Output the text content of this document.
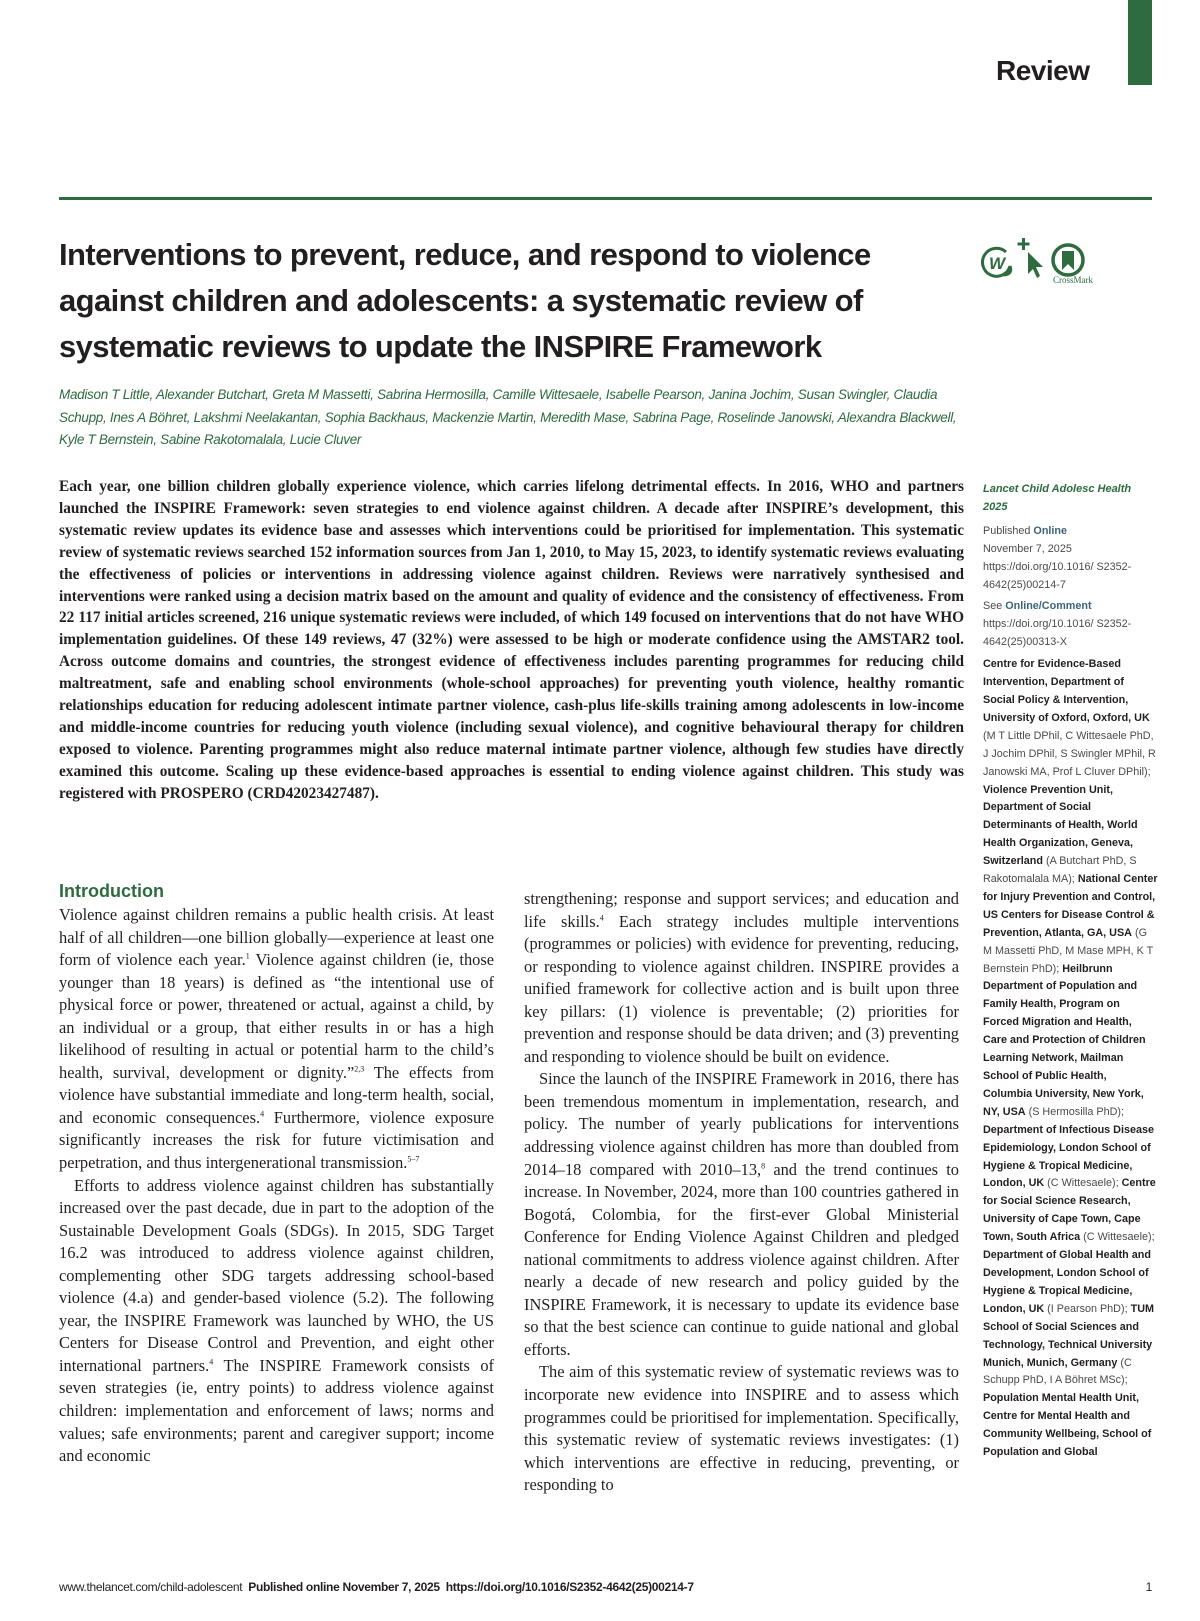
Review
Interventions to prevent, reduce, and respond to violence against children and adolescents: a systematic review of systematic reviews to update the INSPIRE Framework
W
CrossMark
Madison T Little, Alexander Butchart, Greta M Massetti, Sabrina Hermosilla, Camille Wittesaele, Isabelle Pearson, Janina Jochim, Susan Swingler, Claudia Schupp, Ines A Böhret, Lakshmi Neelakantan, Sophia Backhaus, Mackenzie Martin, Meredith Mase, Sabrina Page, Roselinde Janowski, Alexandra Blackwell, Kyle T Bernstein, Sabine Rakotomalala, Lucie Cluver
Each year, one billion children globally experience violence, which carries lifelong detrimental effects. In 2016, WHO and partners launched the INSPIRE Framework: seven strategies to end violence against children. A decade after INSPIRE’s development, this systematic review updates its evidence base and assesses which interventions could be prioritised for implementation. This systematic review of systematic reviews searched 152 information sources from Jan 1, 2010, to May 15, 2023, to identify systematic reviews evaluating the effectiveness of policies or interventions in addressing violence against children. Reviews were narratively synthesised and interventions were ranked using a decision matrix based on the amount and quality of evidence and the consistency of effectiveness. From 22 117 initial articles screened, 216 unique systematic reviews were included, of which 149 focused on interventions that do not have WHO implementation guidelines. Of these 149 reviews, 47 (32%) were assessed to be high or moderate confidence using the AMSTAR2 tool. Across outcome domains and countries, the strongest evidence of effectiveness includes parenting programmes for reducing child maltreatment, safe and enabling school environments (whole-school approaches) for preventing youth violence, healthy romantic relationships education for reducing adolescent intimate partner violence, cash-plus life-skills training among adolescents in low-income and middle-income countries for reducing youth violence (including sexual violence), and cognitive behavioural therapy for children exposed to violence. Parenting programmes might also reduce maternal intimate partner violence, although few studies have directly examined this outcome. Scaling up these evidence-based approaches is essential to ending violence against children. This study was registered with PROSPERO (CRD42023427487).
Lancet Child Adolesc Health 2025
Published Online
November 7, 2025
https://doi.org/10.1016/ S2352-4642(25)00214-7
See Online/Comment
https://doi.org/10.1016/ S2352-4642(25)00313-X
Centre for Evidence-Based Intervention, Department of Social Policy & Intervention, University of Oxford, Oxford, UK (M T Little DPhil, C Wittesaele PhD, J Jochim DPhil, S Swingler MPhil, R Janowski MA, Prof L Cluver DPhil); Violence Prevention Unit, Department of Social Determinants of Health, World Health Organization, Geneva, Switzerland (A Butchart PhD, S Rakotomalala MA); National Center for Injury Prevention and Control, US Centers for Disease Control & Prevention, Atlanta, GA, USA (G M Massetti PhD, M Mase MPH, K T Bernstein PhD); Heilbrunn Department of Population and Family Health, Program on Forced Migration and Health, Care and Protection of Children Learning Network, Mailman School of Public Health, Columbia University, New York, NY, USA (S Hermosilla PhD); Department of Infectious Disease Epidemiology, London School of Hygiene & Tropical Medicine, London, UK (C Wittesaele); Centre for Social Science Research, University of Cape Town, Cape Town, South Africa (C Wittesaele); Department of Global Health and Development, London School of Hygiene & Tropical Medicine, London, UK (I Pearson PhD); TUM School of Social Sciences and Technology, Technical University Munich, Munich, Germany (C Schupp PhD, I A Böhret MSc); Population Mental Health Unit, Centre for Mental Health and Community Wellbeing, School of Population and Global
Introduction

Violence against children remains a public health crisis. At least half of all children—one billion globally—experience at least one form of violence each year.$^1$ Violence against children (ie, those younger than 18 years) is defined as “the intentional use of physical force or power, threatened or actual, against a child, by an individual or a group, that either results in or has a high likelihood of resulting in actual or potential harm to the child’s health, survival, development or dignity.”$^{2,3}$ The effects from violence have substantial immediate and long-term health, social, and economic consequences.$^4$ Furthermore, violence exposure significantly increases the risk for future victimisation and perpetration, and thus intergenerational transmission.$^{5-7}$

Efforts to address violence against children has substantially increased over the past decade, due in part to the adoption of the Sustainable Development Goals (SDGs). In 2015, SDG Target 16.2 was introduced to address violence against children, complementing other SDG targets addressing school-based violence (4.a) and gender-based violence (5.2). The following year, the INSPIRE Framework was launched by WHO, the US Centers for Disease Control and Prevention, and eight other international partners.$^4$ The INSPIRE Framework consists of seven strategies (ie, entry points) to address violence against children: implementation and enforcement of laws; norms and values; safe environments; parent and caregiver support; income and economic

strengthening; response and support services; and education and life skills.$^4$ Each strategy includes multiple interventions (programmes or policies) with evidence for preventing, reducing, or responding to violence against children. INSPIRE provides a unified framework for collective action and is built upon three key pillars: (1) violence is preventable; (2) priorities for prevention and response should be data driven; and (3) preventing and responding to violence should be built on evidence.

Since the launch of the INSPIRE Framework in 2016, there has been tremendous momentum in implementation, research, and policy. The number of yearly publications for interventions addressing violence against children has more than doubled from 2014–18 compared with 2010–13,$^8$ and the trend continues to increase. In November, 2024, more than 100 countries gathered in Bogotá, Colombia, for the first-ever Global Ministerial Conference for Ending Violence Against Children and pledged national commitments to address violence against children. After nearly a decade of new research and policy guided by the INSPIRE Framework, it is necessary to update its evidence base so that the best science can continue to guide national and global efforts.

The aim of this systematic review of systematic reviews was to incorporate new evidence into INSPIRE and to assess which programmes could be prioritised for implementation. Specifically, this systematic review of systematic reviews investigates: (1) which interventions are effective in reducing, preventing, or responding to

www.thelancet.com/child-adolescent Published online November 7, 2025 https://doi.org/10.1016/S2352-4642(25)00214-7	1
